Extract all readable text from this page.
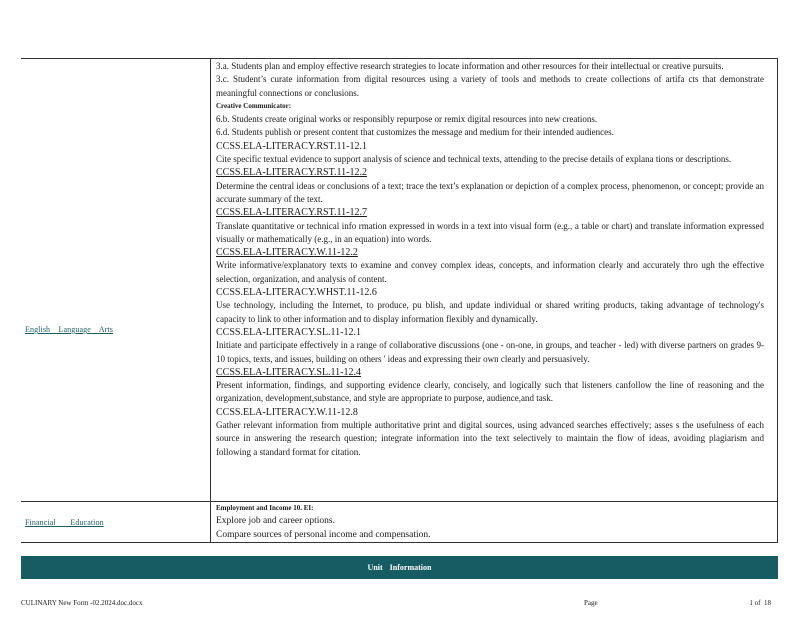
English    Language    Arts

3.a. Students plan and employ effective research strategies to locate information and other resources for their intellectual or creative pursuits.

3.c. Student’s curate information from digital resources using a variety of tools and methods to create collections of artifa cts that demonstrate meaningful connections or conclusions.

Creative Communicator:

6.b. Students create original works or responsibly repurpose or remix digital resources into new creations.

6.d. Students publish or present content that customizes the message and medium for their intended audiences.

CCSS.ELA-LITERACY.RST.11-12.1

Cite specific textual evidence to support analysis of science and technical texts, attending to the precise details of explana tions or descriptions.

CCSS.ELA-LITERACY.RST.11-12.2

Determine the central ideas or conclusions of a text; trace the text’s explanation or depiction of a complex process, phenomenon, or concept; provide an accurate summary of the text.

CCSS.ELA-LITERACY.RST.11-12.7

Translate quantitative or technical info rmation expressed in words in a text into visual form (e.g., a table or chart) and translate information expressed visually or mathematically (e.g., in an equation) into words.

CCSS.ELA-LITERACY.W.11-12.2

Write informative/explanatory texts to examine and convey complex ideas, concepts, and information clearly and accurately thro ugh the effective selection, organization, and analysis of content.

CCSS.ELA-LITERACY.WHST.11-12.6

Use technology, including the Internet, to produce, pu blish, and update individual or shared writing products, taking advantage of technology's capacity to link to other information and to display information flexibly and dynamically.

CCSS.ELA-LITERACY.SL.11-12.1

Initiate and participate effectively in a range of collaborative discussions (one - on-one, in groups, and teacher - led) with diverse partners on grades 9- 10 topics, texts, and issues, building on others ' ideas and expressing their own clearly and persuasively.

CCSS.ELA-LITERACY.SL.11-12.4

Present information, findings, and supporting evidence clearly, concisely, and logically such that listeners canfollow the line of reasoning and the organization, development,substance, and style are appropriate to purpose, audience,and task.

CCSS.ELA-LITERACY.W.11-12.8

Gather relevant information from multiple authoritative print and digital sources, using advanced searches effectively; asses s the usefulness of each source in answering the research question; integrate information into the text selectively to maintain the flow of ideas, avoiding plagiarism and following a standard format for citation.

Financial       Education

Employment and Income 10. EI:

Explore job and career options.

Compare sources of personal income and compensation.

Unit Information
CULINARY New Form -02.2024.doc.docx	Page	1 of  18
